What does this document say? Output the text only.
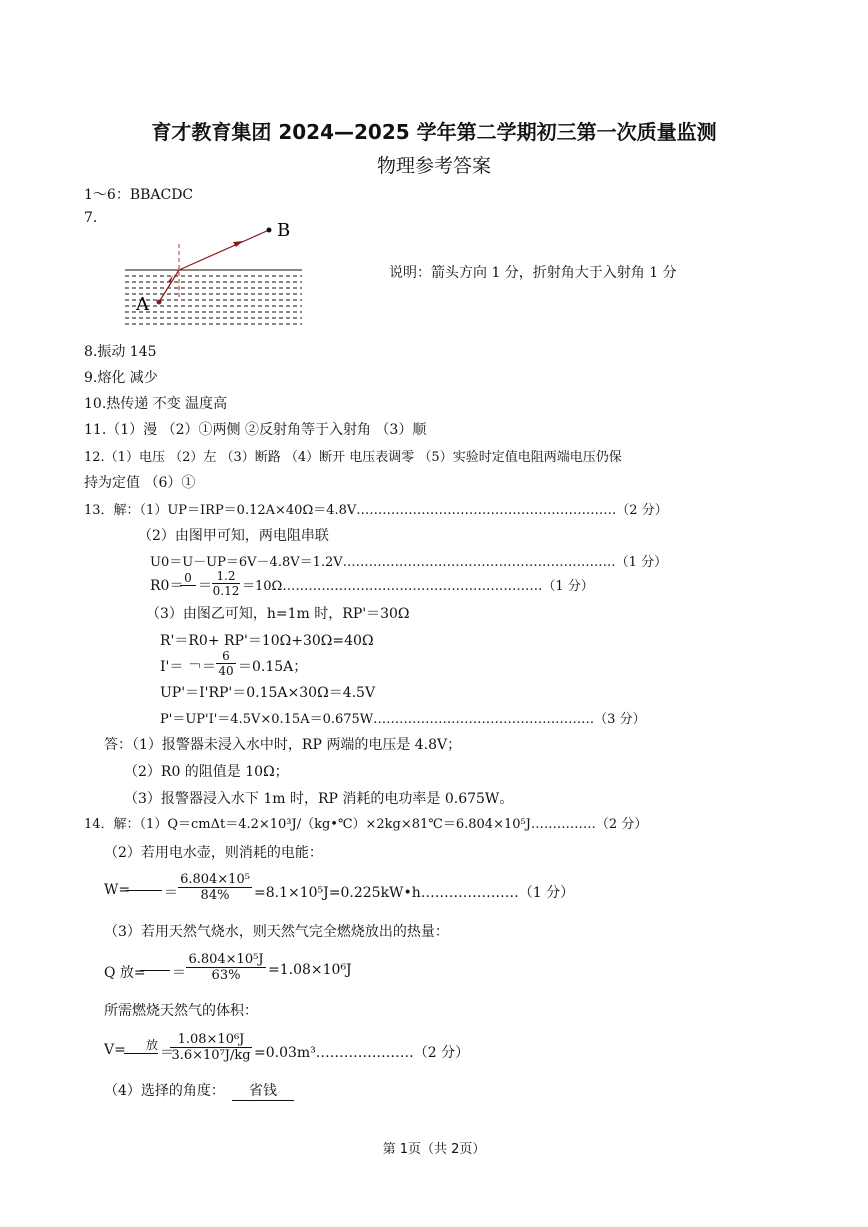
育才教育集团 2024—2025 学年第二学期初三第一次质量监测
物理参考答案
1～6：BBACDC
7.
A
B
说明：箭头方向 1 分，折射角大于入射角 1 分
8.振动 145
9.熔化 减少
10.热传递 不变 温度高
11.（1）漫 （2）①两侧 ②反射角等于入射角 （3）顺
12.（1）电压 （2）左 （3）断路 （4）断开 电压表调零 （5）实验时定值电阻两端电压仍保
持为定值 （6）①
13．解：（1）UP＝IRP＝0.12A×40Ω＝4.8V……………………………………………………（2 分）
（2）由图甲可知，两电阻串联
U0＝U－UP＝6V－4.8V＝1.2V………………………………………………………（1 分）
R0＝ 0
＝ $\frac{1.2}{0.12}$ ＝10Ω……………………………………………………（1 分）
（3）由图乙可知，h=1m 时，RP'＝30Ω
R'＝R0+ RP'＝10Ω+30Ω=40Ω
I'＝ ￢＝ $\frac{6}{40} =0.15A$；
UP'＝I'RP'＝0.15A×30Ω＝4.5V
P'＝UP'I'＝4.5V×0.15A＝0.675W……………………………………………（3 分）
答：（1）报警器未浸入水中时，RP 两端的电压是 4.8V；
（2）R0 的阻值是 10Ω；
（3）报警器浸入水下 1m 时，RP 消耗的电功率是 0.675W。
14．解：（1）Q＝cmΔt＝4.2×10³J/（kg•℃）×2kg×81℃＝6.804×10⁵J……………（2 分）
（2）若用电水壶，则消耗的电能：
$W= = \frac{\text{6.804×10⁵}}{84\%}$ =8.1×10⁵J=0.225kW•h…………………（1 分）
（3）若用天然气烧水，则天然气完全燃烧放出的热量：
Q 放= ＝ $\frac{\text{6.804×10⁵J}}{63\%} =1.08\times 10^6J$
所需燃烧天然气的体积：
V=	放 ＝
$\frac{\text{1.08×10⁶J}}{\text{3.6×10⁷J/kg}}$ =0.03m³…………………（2 分）
（4）选择的角度：	省钱
第 1页（共 2页）
